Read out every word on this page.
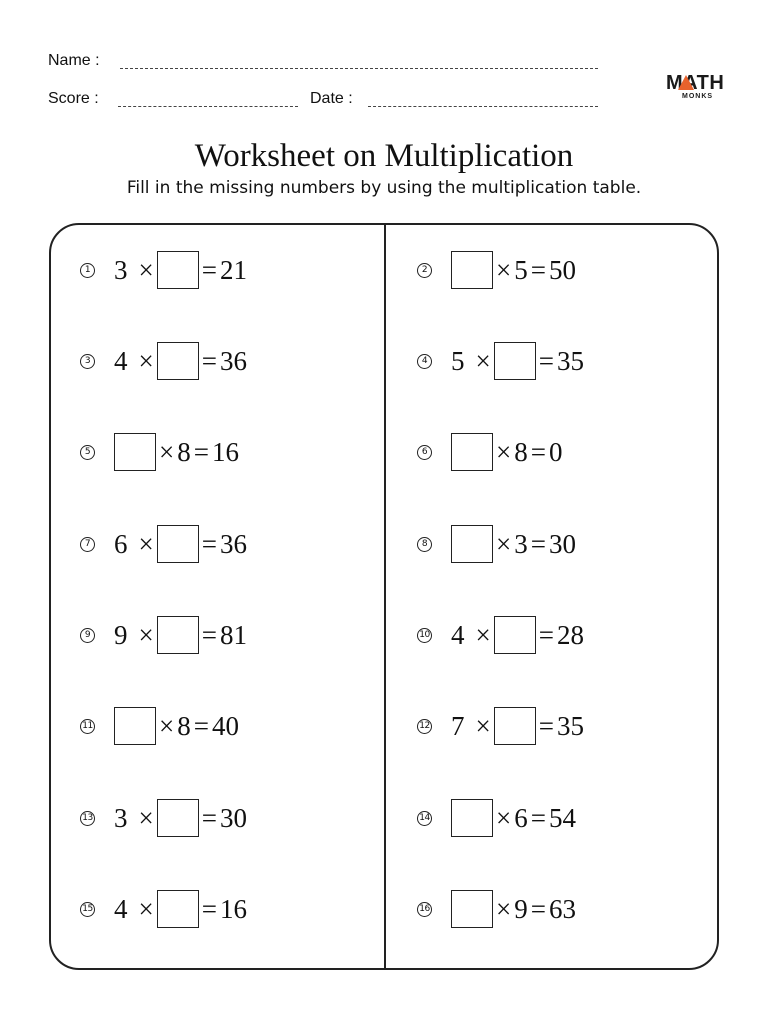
Name :
Score :	Date :
MATH
MONKS
Worksheet on Multiplication
Fill in the missing numbers by using the multiplication table.
1 3 × = 21	2	× 5 = 50
3 4 × = 36	4 5 × = 35
5	× 8 = 16	6	× 8 = 0
7 6 × = 36	8	× 3 = 30
9 9 × = 81	10 4 × = 28
11 × 8 = 40	12 7 × = 35
13 3 × = 30	14 × 6 = 54
15 4 × = 16	16 × 9 = 63
